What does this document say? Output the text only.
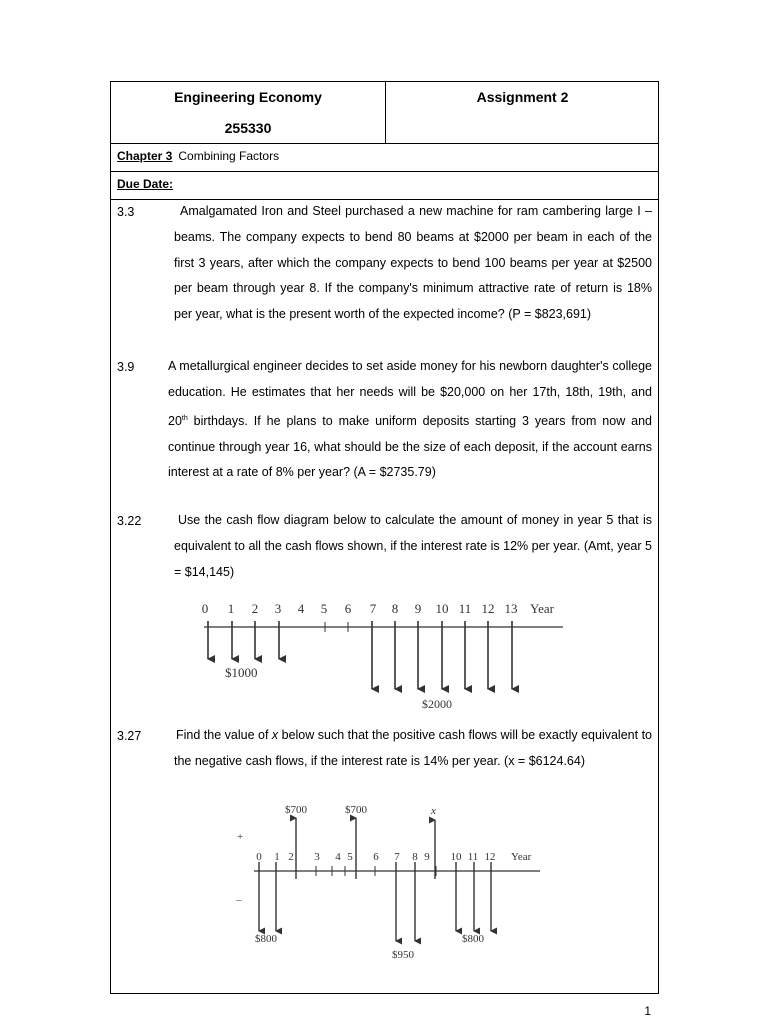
Engineering Economy
255330
Assignment 2
Chapter 3 Combining Factors
Due Date:
3.3	Amalgamated Iron and Steel purchased a new machine for ram cambering large I – beams. The company expects to bend 80 beams at $2000 per beam in each of the first 3 years, after which the company expects to bend 100 beams per year at $2500 per beam through year 8. If the company's minimum attractive rate of return is 18% per year, what is the present worth of the expected income? (P = $823,691)
3.9	A metallurgical engineer decides to set aside money for his newborn daughter's college education. He estimates that her needs will be $20,000 on her 17th, 18th, 19th, and 20th birthdays. If he plans to make uniform deposits starting 3 years from now and continue through year 16, what should be the size of each deposit, if the account earns interest at a rate of 8% per year? (A = $2735.79)
3.22	Use the cash flow diagram below to calculate the amount of money in year 5 that is equivalent to all the cash flows shown, if the interest rate is 12% per year. (Amt, year 5 = $14,145)
3.27	Find the value of x below such that the positive cash flows will be exactly equivalent to the negative cash flows, if the interest rate is 14% per year. (x = $6124.64)
0 1 2 3 4 5 6 7 8 9 10 11 12 13 Year
$1000
$2000
+
–
0 1 2 3 4 5 6 7 8 9 10 11 12 Year
$700	$700	x
$800
$950
$800
1
